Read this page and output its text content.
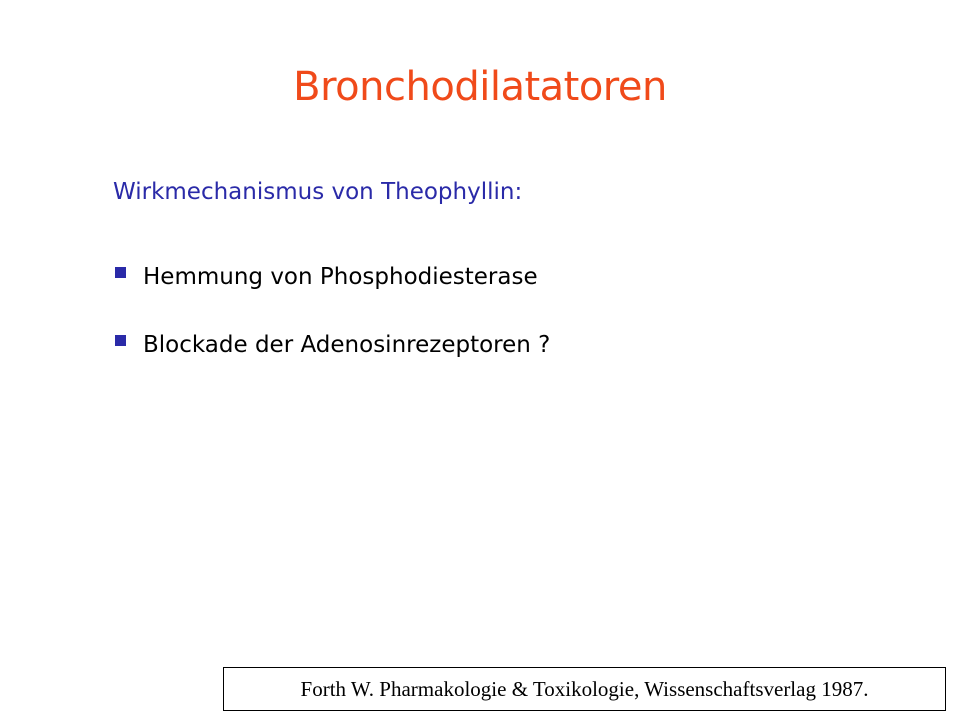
Bronchodilatatoren
Wirkmechanismus von Theophyllin:
Hemmung von Phosphodiesterase
Blockade der Adenosinrezeptoren ?
Forth W. Pharmakologie & Toxikologie, Wissenschaftsverlag 1987.
